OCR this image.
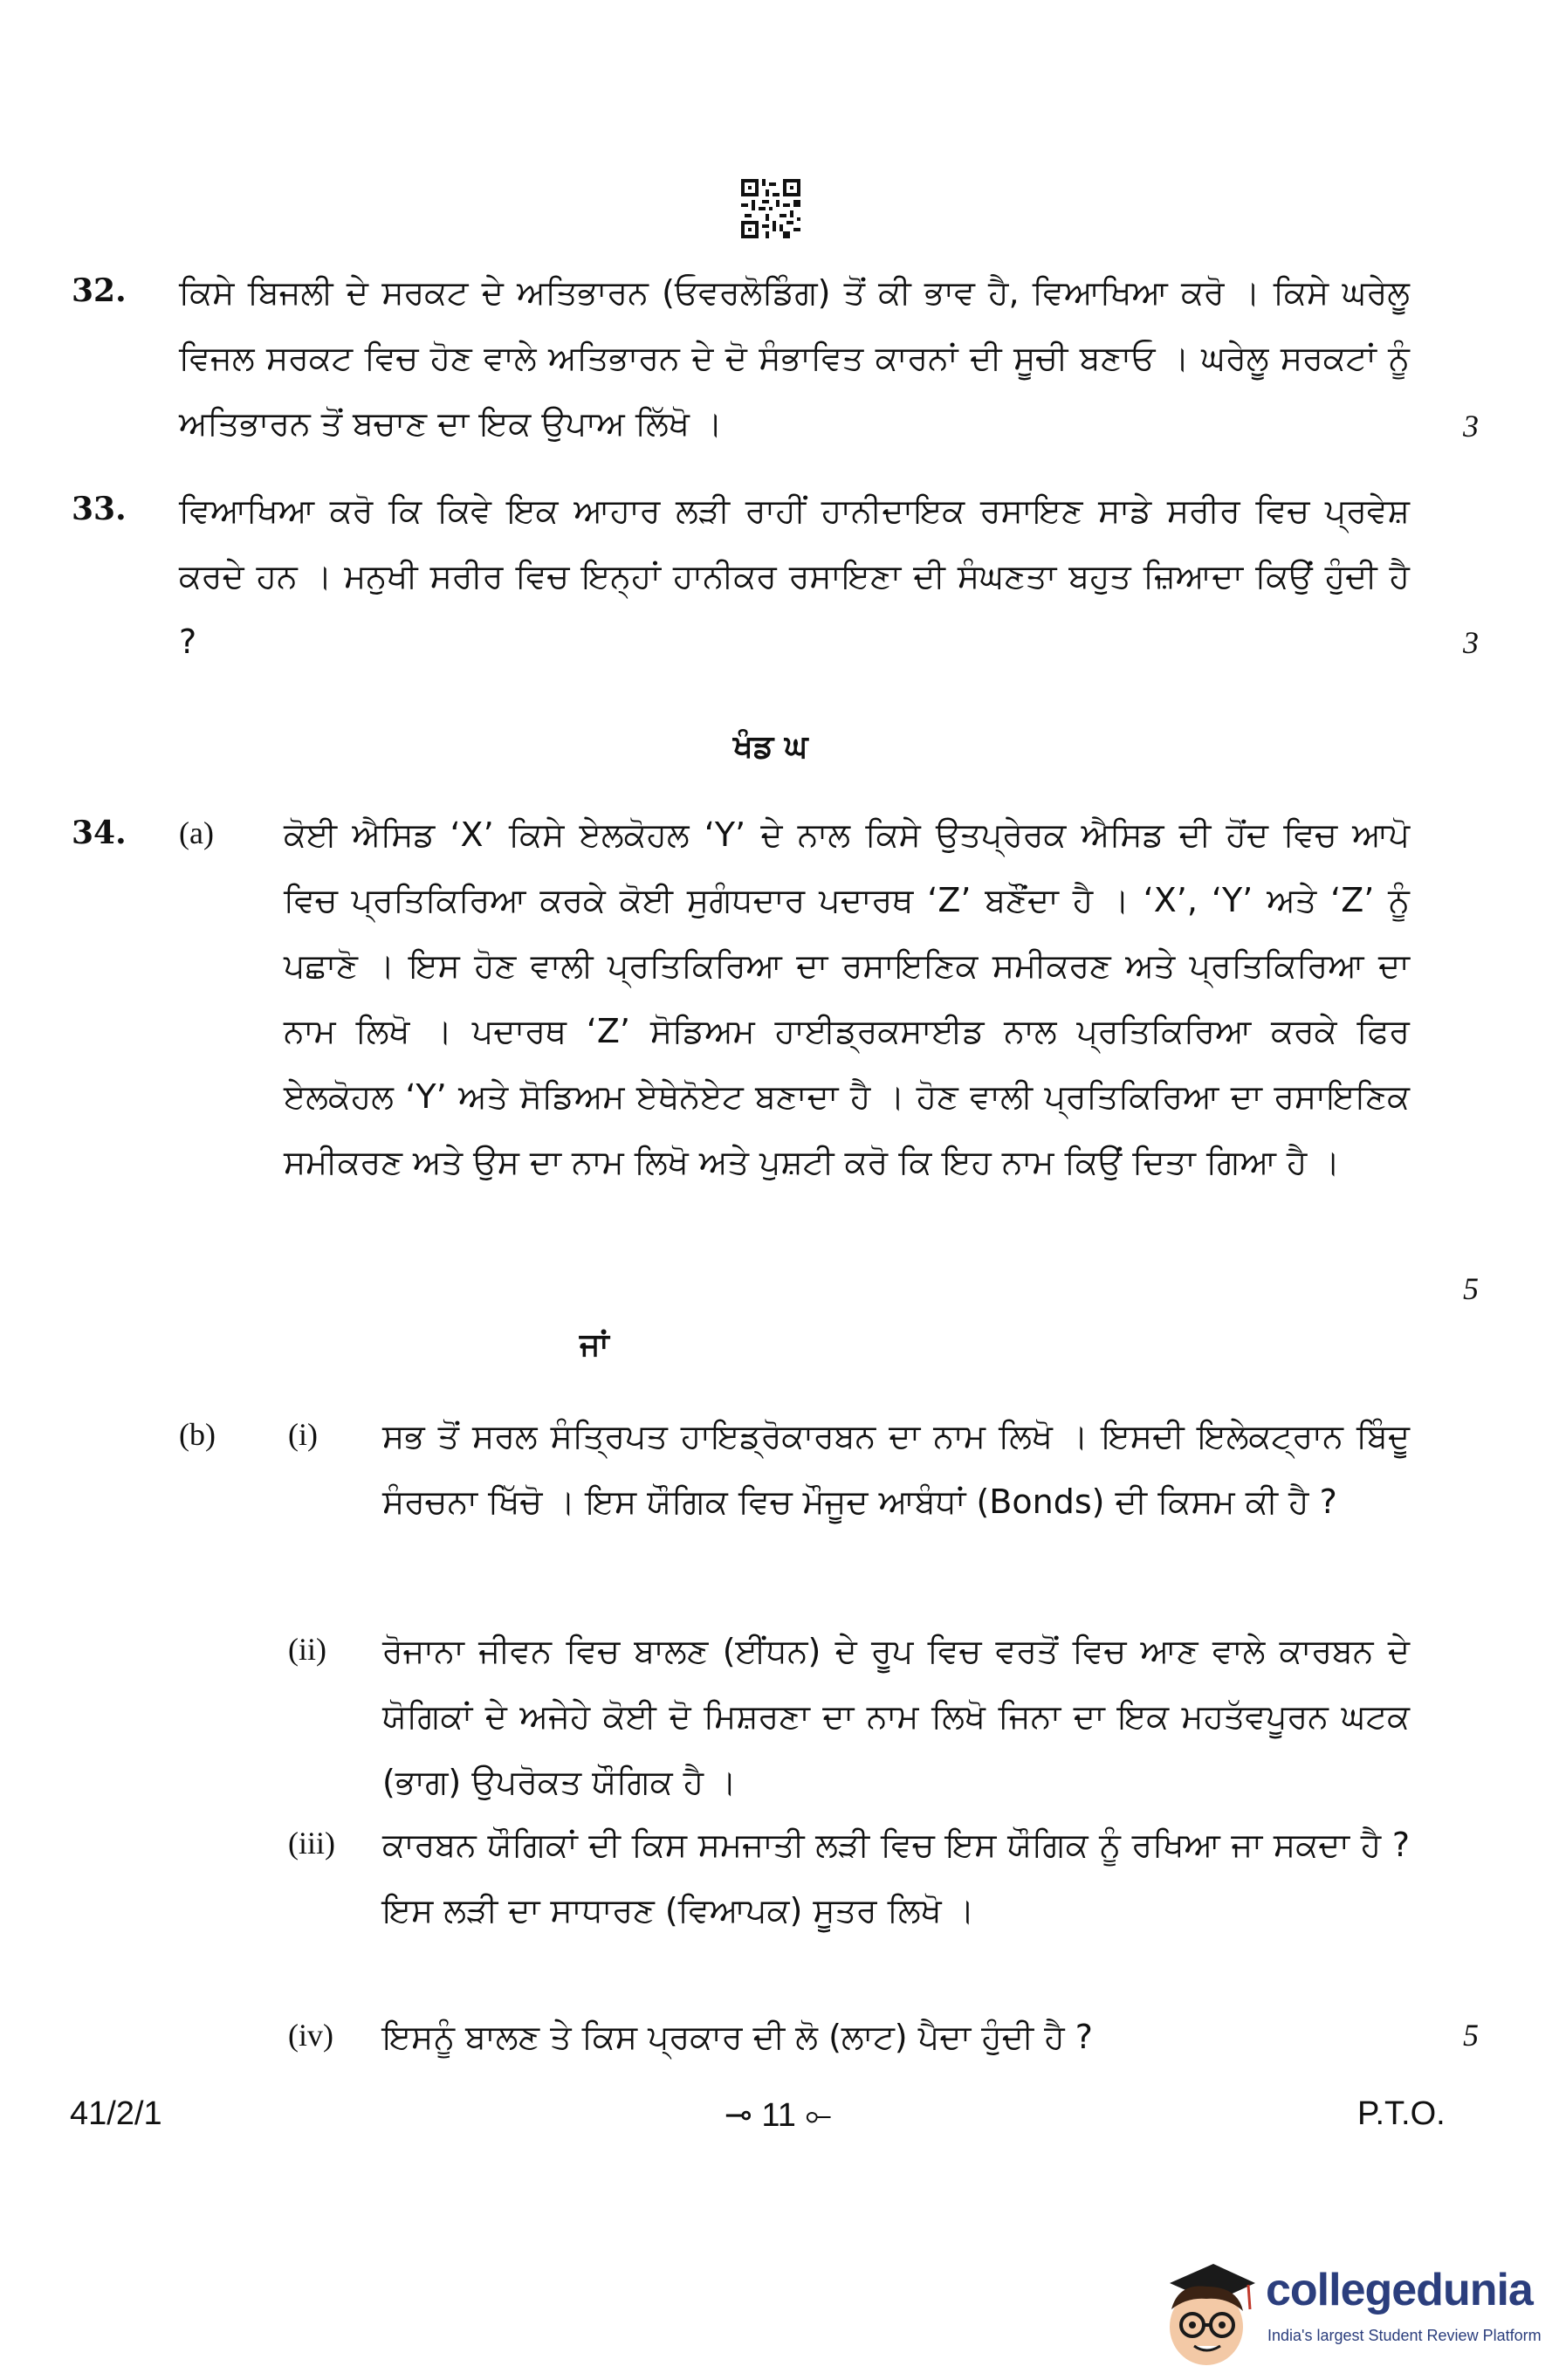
32. ਕਿਸੇ ਬਿਜਲੀ ਦੇ ਸਰਕਟ ਦੇ ਅਤਿਭਾਰਨ (ਓਵਰਲੋਡਿੰਗ) ਤੋਂ ਕੀ ਭਾਵ ਹੈ, ਵਿਆਖਿਆ ਕਰੋ । ਕਿਸੇ ਘਰੇਲੂ ਵਿਜਲ ਸਰਕਟ ਵਿਚ ਹੋਣ ਵਾਲੇ ਅਤਿਭਾਰਨ ਦੇ ਦੋ ਸੰਭਾਵਿਤ ਕਾਰਨਾਂ ਦੀ ਸੂਚੀ ਬਣਾਓ । ਘਰੇਲੂ ਸਰਕਟਾਂ ਨੂੰ ਅਤਿਭਾਰਨ ਤੋਂ ਬਚਾਣ ਦਾ ਇਕ ਉਪਾਅ ਲਿੱਖੋ ।	3
33. ਵਿਆਖਿਆ ਕਰੋ ਕਿ ਕਿਵੇ ਇਕ ਆਹਾਰ ਲੜੀ ਰਾਹੀਂ ਹਾਨੀਦਾਇਕ ਰਸਾਇਣ ਸਾਡੇ ਸਰੀਰ ਵਿਚ ਪ੍ਰਵੇਸ਼ ਕਰਦੇ ਹਨ । ਮਨੁਖੀ ਸਰੀਰ ਵਿਚ ਇਨ੍ਹਾਂ ਹਾਨੀਕਰ ਰਸਾਇਣਾ ਦੀ ਸੰਘਣਤਾ ਬਹੁਤ ਜ਼ਿਆਦਾ ਕਿਉਂ ਹੁੰਦੀ ਹੈ ?	3
ਖੰਡ ਘ
34. (a) ਕੋਈ ਐਸਿਡ ‘X’ ਕਿਸੇ ਏਲਕੋਹਲ ‘Y’ ਦੇ ਨਾਲ ਕਿਸੇ ਉਤਪ੍ਰੇਰਕ ਐਸਿਡ ਦੀ ਹੋਂਦ ਵਿਚ ਆਪੋ ਵਿਚ ਪ੍ਰਤਿਕਿਰਿਆ ਕਰਕੇ ਕੋਈ ਸੁਗੰਧਦਾਰ ਪਦਾਰਥ ‘Z’ ਬਣੌਂਦਾ ਹੈ । ‘X’, ‘Y’ ਅਤੇ ‘Z’ ਨੂੰ ਪਛਾਣੋ । ਇਸ ਹੋਣ ਵਾਲੀ ਪ੍ਰਤਿਕਿਰਿਆ ਦਾ ਰਸਾਇਣਿਕ ਸਮੀਕਰਣ ਅਤੇ ਪ੍ਰਤਿਕਿਰਿਆ ਦਾ ਨਾਮ ਲਿਖੋ । ਪਦਾਰਥ ‘Z’ ਸੋਡਿਅਮ ਹਾਈਡ੍ਰਕਸਾਈਡ ਨਾਲ ਪ੍ਰਤਿਕਿਰਿਆ ਕਰਕੇ ਫਿਰ ਏਲਕੋਹਲ ‘Y’ ਅਤੇ ਸੋਡਿਅਮ ਏਥੇਨੋਏਟ ਬਣਾਦਾ ਹੈ । ਹੋਣ ਵਾਲੀ ਪ੍ਰਤਿਕਿਰਿਆ ਦਾ ਰਸਾਇਣਿਕ ਸਮੀਕਰਣ ਅਤੇ ਉਸ ਦਾ ਨਾਮ ਲਿਖੋ ਅਤੇ ਪੁਸ਼ਟੀ ਕਰੋ ਕਿ ਇਹ ਨਾਮ ਕਿਉਂ ਦਿਤਾ ਗਿਆ ਹੈ ।
5
ਜਾਂ
(b) (i) ਸਭ ਤੋਂ ਸਰਲ ਸੰਤ੍ਰਿਪਤ ਹਾਇਡ੍ਰੋਕਾਰਬਨ ਦਾ ਨਾਮ ਲਿਖੋ । ਇਸਦੀ ਇਲੇਕਟ੍ਰਾਨ ਬਿੰਦੂ ਸੰਰਚਨਾ ਖਿੱਚੋ । ਇਸ ਯੌਗਿਕ ਵਿਚ ਮੌਜੂਦ ਆਬੰਧਾਂ (Bonds) ਦੀ ਕਿਸਮ ਕੀ ਹੈ ?
(ii) ਰੋਜਾਨਾ ਜੀਵਨ ਵਿਚ ਬਾਲਣ (ਈਂਧਨ) ਦੇ ਰੂਪ ਵਿਚ ਵਰਤੋਂ ਵਿਚ ਆਣ ਵਾਲੇ ਕਾਰਬਨ ਦੇ ਯੋਗਿਕਾਂ ਦੇ ਅਜੇਹੇ ਕੋਈ ਦੋ ਮਿਸ਼ਰਣਾ ਦਾ ਨਾਮ ਲਿਖੋ ਜਿਨਾ ਦਾ ਇਕ ਮਹਤੱਵਪੂਰਨ ਘਟਕ (ਭਾਗ) ਉਪਰੋਕਤ ਯੌਗਿਕ ਹੈ ।
(iii) ਕਾਰਬਨ ਯੌਗਿਕਾਂ ਦੀ ਕਿਸ ਸਮਜਾਤੀ ਲੜੀ ਵਿਚ ਇਸ ਯੌਗਿਕ ਨੂੰ ਰਖਿਆ ਜਾ ਸਕਦਾ ਹੈ ? ਇਸ ਲੜੀ ਦਾ ਸਾਧਾਰਣ (ਵਿਆਪਕ) ਸੂਤਰ ਲਿਖੋ ।
(iv) ਇਸਨੂੰ ਬਾਲਣ ਤੇ ਕਿਸ ਪ੍ਰਕਾਰ ਦੀ ਲੋ (ਲਾਟ) ਪੈਦਾ ਹੁੰਦੀ ਹੈ ?	5
41/2/1	⊸ 11 ⟜	P.T.O.
collegedunia
India's largest Student Review Platform
